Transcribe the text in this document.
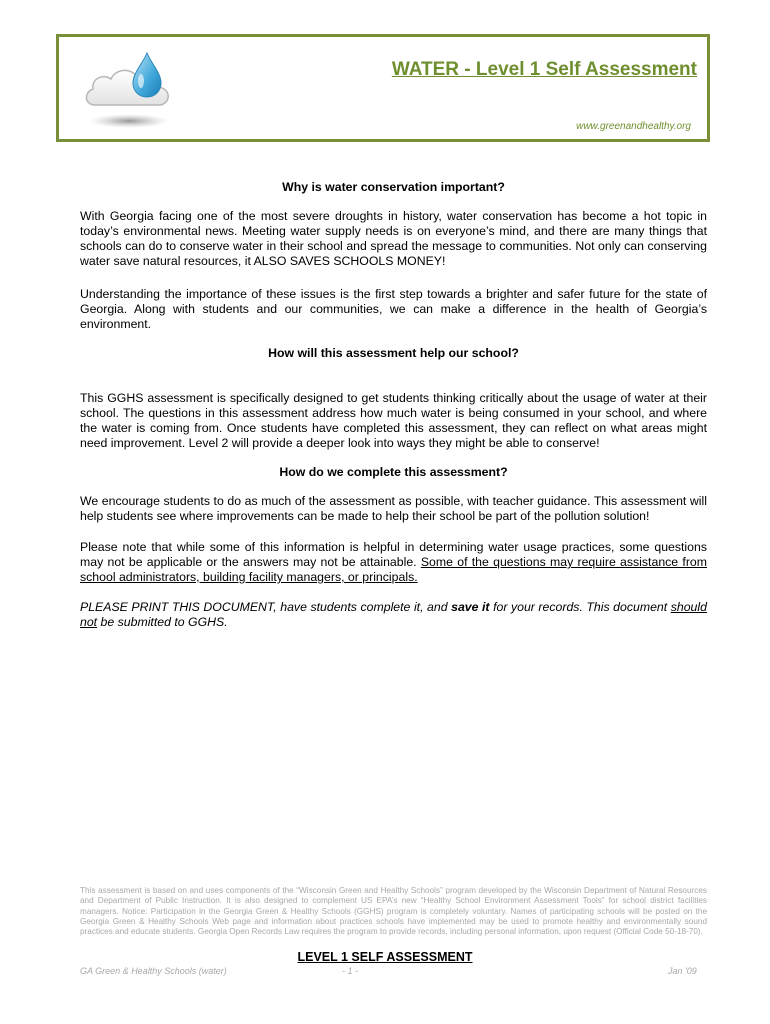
WATER - Level 1 Self Assessment
www.greenandhealthy.org
Why is water conservation important?

With Georgia facing one of the most severe droughts in history, water conservation has become a hot topic in today’s environmental news. Meeting water supply needs is on everyone’s mind, and there are many things that schools can do to conserve water in their school and spread the message to communities. Not only can conserving water save natural resources, it ALSO SAVES SCHOOLS MONEY!

Understanding the importance of these issues is the first step towards a brighter and safer future for the state of Georgia. Along with students and our communities, we can make a difference in the health of Georgia’s environment.

How will this assessment help our school?

This GGHS assessment is specifically designed to get students thinking critically about the usage of water at their school. The questions in this assessment address how much water is being consumed in your school, and where the water is coming from. Once students have completed this assessment, they can reflect on what areas might need improvement. Level 2 will provide a deeper look into ways they might be able to conserve!

How do we complete this assessment?

We encourage students to do as much of the assessment as possible, with teacher guidance. This assessment will help students see where improvements can be made to help their school be part of the pollution solution!

Please note that while some of this information is helpful in determining water usage practices, some questions may not be applicable or the answers may not be attainable. Some of the questions may require assistance from school administrators, building facility managers, or principals.

PLEASE PRINT THIS DOCUMENT, have students complete it, and save it for your records. This document should not be submitted to GGHS.

This assessment is based on and uses components of the “Wisconsin Green and Healthy Schools” program developed by the Wisconsin Department of Natural Resources and Department of Public Instruction. It is also designed to complement US EPA’s new “Healthy School Environment Assessment Tools” for school district facilities managers. Notice: Participation in the Georgia Green & Healthy Schools (GGHS) program is completely voluntary. Names of participating schools will be posted on the Georgia Green & Healthy Schools Web page and information about practices schools have implemented may be used to promote healthy and environmentally sound practices and educate students. Georgia Open Records Law requires the program to provide records, including personal information, upon request (Official Code 50-18-70).
LEVEL 1 SELF ASSESSMENT
GA Green & Healthy Schools (water)	- 1 -	Jan '09
